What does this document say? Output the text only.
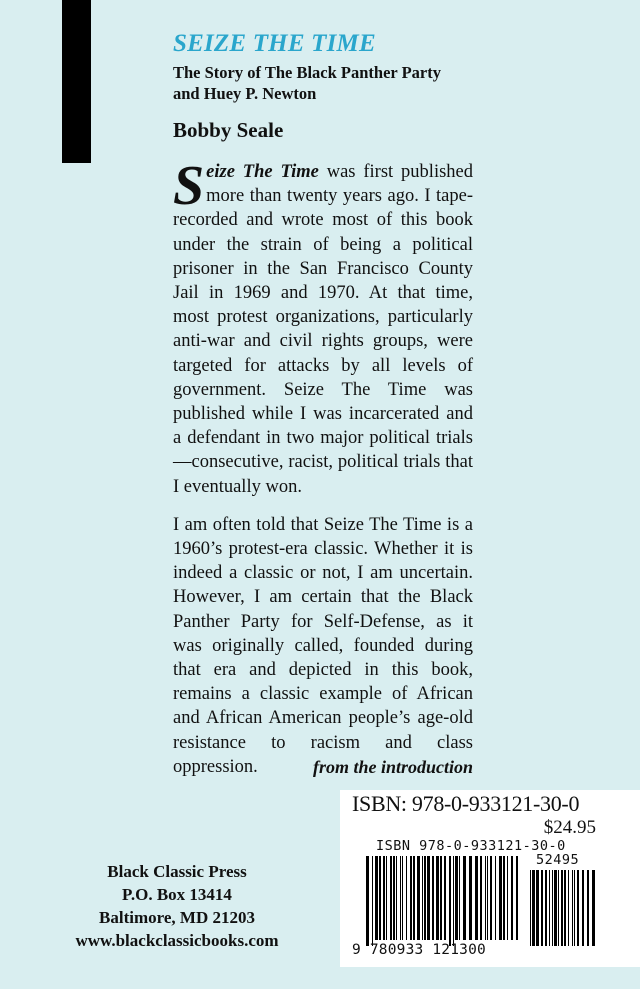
SEIZE THE TIME
The Story of The Black Panther Party
and Huey P. Newton
Bobby Seale

Seize The Time was first published more than twenty years ago. I tape-recorded and wrote most of this book under the strain of being a political prisoner in the San Francisco County Jail in 1969 and 1970. At that time, most protest organizations, particularly anti-war and civil rights groups, were targeted for attacks by all levels of government. Seize The Time was published while I was incarcerated and a defendant in two major political trials—consecutive, racist, political trials that I eventually won.

I am often told that Seize The Time is a 1960’s protest-era classic. Whether it is indeed a classic or not, I am uncertain. However, I am certain that the Black Panther Party for Self-Defense, as it was originally called, founded during that era and depicted in this book, remains a classic example of African and African American people’s age-old resistance to racism and class oppression.	from the introduction
Black Classic Press
P.O. Box 13414
Baltimore, MD 21203
www.blackclassicbooks.com
ISBN: 978-0-933121-30-0
$24.95
ISBN 978-0-933121-30-0
52495
9 780933 121300
